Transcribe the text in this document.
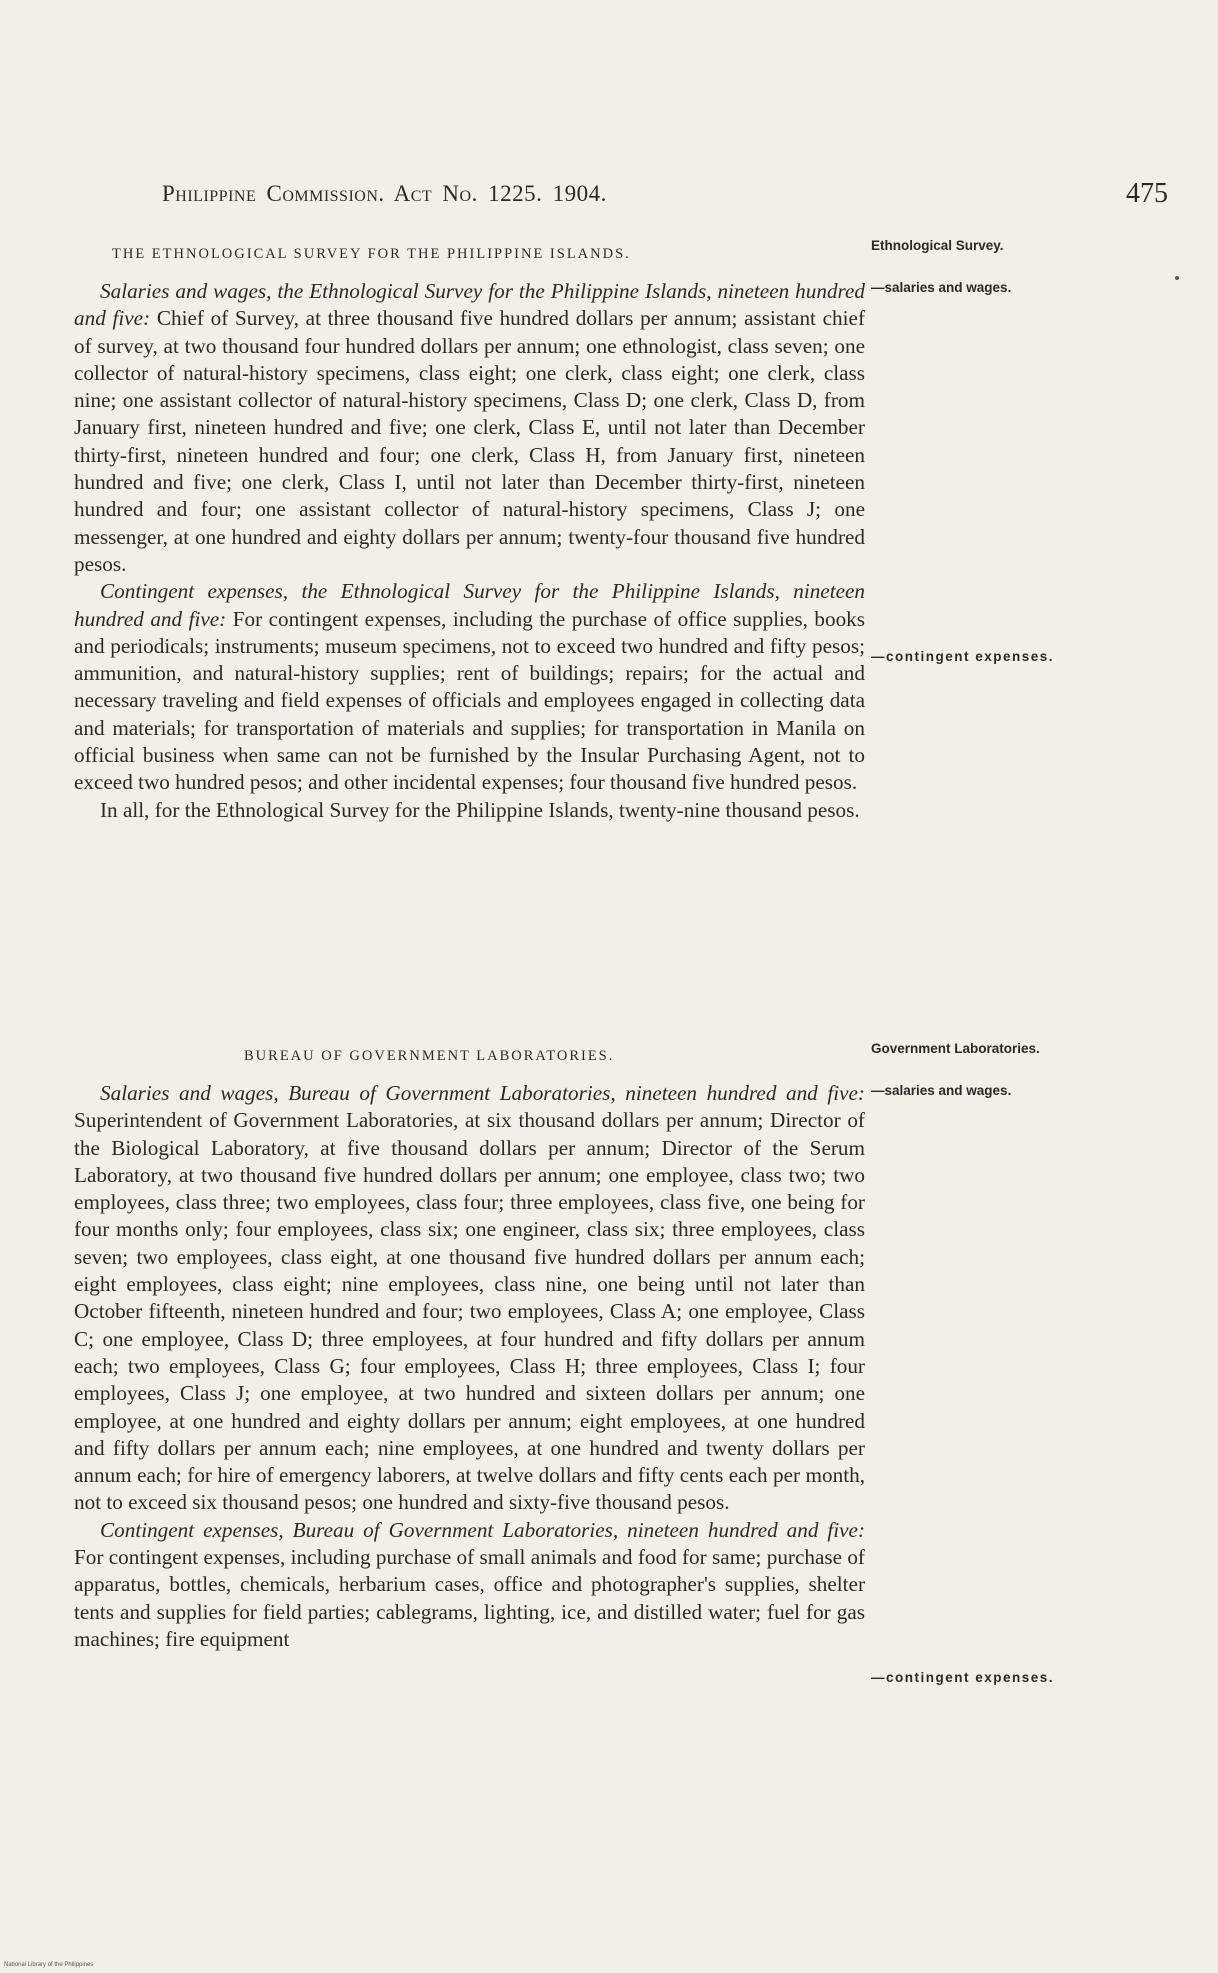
Philippine Commission. Act No. 1225. 1904.	475
THE ETHNOLOGICAL SURVEY FOR THE PHILIPPINE ISLANDS.

Salaries and wages, the Ethnological Survey for the Philippine Islands, nineteen hundred and five: Chief of Survey, at three thousand five hundred dollars per annum; assistant chief of survey, at two thousand four hundred dollars per annum; one ethnologist, class seven; one collector of natural-history specimens, class eight; one clerk, class eight; one clerk, class nine; one assistant collector of natural-history specimens, Class D; one clerk, Class D, from January first, nineteen hundred and five; one clerk, Class E, until not later than December thirty-first, nineteen hundred and four; one clerk, Class H, from January first, nineteen hundred and five; one clerk, Class I, until not later than December thirty-first, nineteen hundred and four; one assistant collector of natural-history specimens, Class J; one messenger, at one hundred and eighty dollars per annum; twenty-four thousand five hundred pesos.

Contingent expenses, the Ethnological Survey for the Philippine Islands, nineteen hundred and five: For contingent expenses, including the purchase of office supplies, books and periodicals; instruments; museum specimens, not to exceed two hundred and fifty pesos; ammunition, and natural-history supplies; rent of buildings; repairs; for the actual and necessary traveling and field expenses of officials and employees engaged in collecting data and materials; for transportation of materials and supplies; for transportation in Manila on official business when same can not be furnished by the Insular Purchasing Agent, not to exceed two hundred pesos; and other incidental expenses; four thousand five hundred pesos.

In all, for the Ethnological Survey for the Philippine Islands, twenty-nine thousand pesos.

BUREAU OF GOVERNMENT LABORATORIES.

Salaries and wages, Bureau of Government Laboratories, nineteen hundred and five: Superintendent of Government Laboratories, at six thousand dollars per annum; Director of the Biological Laboratory, at five thousand dollars per annum; Director of the Serum Laboratory, at two thousand five hundred dollars per annum; one employee, class two; two employees, class three; two employees, class four; three employees, class five, one being for four months only; four employees, class six; one engineer, class six; three employees, class seven; two employees, class eight, at one thousand five hundred dollars per annum each; eight employees, class eight; nine employees, class nine, one being until not later than October fifteenth, nineteen hundred and four; two employees, Class A; one employee, Class C; one employee, Class D; three employees, at four hundred and fifty dollars per annum each; two employees, Class G; four employees, Class H; three employees, Class I; four employees, Class J; one employee, at two hundred and sixteen dollars per annum; one employee, at one hundred and eighty dollars per annum; eight employees, at one hundred and fifty dollars per annum each; nine employees, at one hundred and twenty dollars per annum each; for hire of emergency laborers, at twelve dollars and fifty cents each per month, not to exceed six thousand pesos; one hundred and sixty-five thousand pesos.

Contingent expenses, Bureau of Government Laboratories, nineteen hundred and five: For contingent expenses, including purchase of small animals and food for same; purchase of apparatus, bottles, chemicals, herbarium cases, office and photographer's supplies, shelter tents and supplies for field parties; cablegrams, lighting, ice, and distilled water; fuel for gas machines; fire equipment

Ethnological Survey.
—salaries and wages.
—contingent expenses.
Government Laboratories.
—salaries and wages.
—contingent expenses.
National Library of the Philippines
